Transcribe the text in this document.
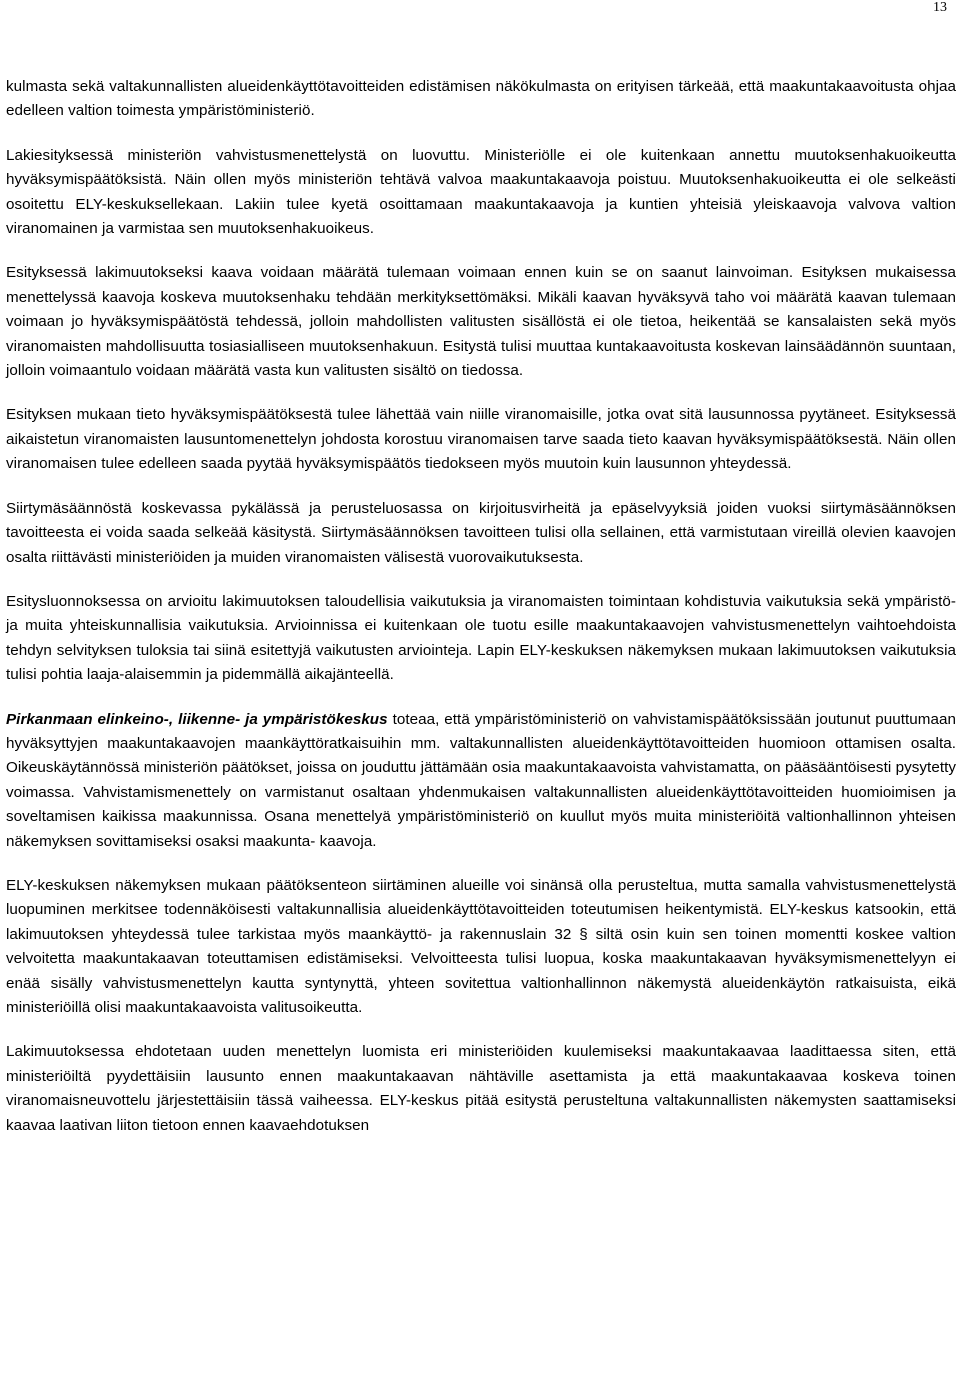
13

kulmasta sekä valtakunnallisten alueidenkäyttötavoitteiden edistämisen näkökulmasta on erityisen tärkeää, että maakuntakaavoitusta ohjaa edelleen valtion toimesta ympäristöministeriö.

Lakiesityksessä ministeriön vahvistusmenettelystä on luovuttu. Ministeriölle ei ole kuitenkaan annettu muutoksenhakuoikeutta hyväksymispäätöksistä. Näin ollen myös ministeriön tehtävä valvoa maakuntakaavoja poistuu. Muutoksenhakuoikeutta ei ole selkeästi osoitettu ELY-keskuksellekaan. Lakiin tulee kyetä osoittamaan maakuntakaavoja ja kuntien yhteisiä yleiskaavoja valvova valtion viranomainen ja varmistaa sen muutoksenhakuoikeus.

Esityksessä lakimuutokseksi kaava voidaan määrätä tulemaan voimaan ennen kuin se on saanut lainvoiman. Esityksen mukaisessa menettelyssä kaavoja koskeva muutoksenhaku tehdään merkityksettömäksi. Mikäli kaavan hyväksyvä taho voi määrätä kaavan tulemaan voimaan jo hyväksymispäätöstä tehdessä, jolloin mahdollisten valitusten sisällöstä ei ole tietoa, heikentää se kansalaisten sekä myös viranomaisten mahdollisuutta tosiasialliseen muutoksenhakuun. Esitystä tulisi muuttaa kuntakaavoitusta koskevan lainsäädännön suuntaan, jolloin voimaantulo voidaan määrätä vasta kun valitusten sisältö on tiedossa.

Esityksen mukaan tieto hyväksymispäätöksestä tulee lähettää vain niille viranomaisille, jotka ovat sitä lausunnossa pyytäneet. Esityksessä aikaistetun viranomaisten lausuntomenettelyn johdosta korostuu viranomaisen tarve saada tieto kaavan hyväksymispäätöksestä. Näin ollen viranomaisen tulee edelleen saada pyytää hyväksymispäätös tiedokseen myös muutoin kuin lausunnon yhteydessä.

Siirtymäsäännöstä koskevassa pykälässä ja perusteluosassa on kirjoitusvirheitä ja epäselvyyksiä joiden vuoksi siirtymäsäännöksen tavoitteesta ei voida saada selkeää käsitystä. Siirtymäsäännöksen tavoitteen tulisi olla sellainen, että varmistutaan vireillä olevien kaavojen osalta riittävästi ministeriöiden ja muiden viranomaisten välisestä vuorovaikutuksesta.

Esitysluonnoksessa on arvioitu lakimuutoksen taloudellisia vaikutuksia ja viranomaisten toimintaan kohdistuvia vaikutuksia sekä ympäristö- ja muita yhteiskunnallisia vaikutuksia. Arvioinnissa ei kuitenkaan ole tuotu esille maakuntakaavojen vahvistusmenettelyn vaihtoehdoista tehdyn selvityksen tuloksia tai siinä esitettyjä vaikutusten arviointeja. Lapin ELY-keskuksen näkemyksen mukaan lakimuutoksen vaikutuksia tulisi pohtia laaja-alaisemmin ja pidemmällä aikajänteellä.

Pirkanmaan elinkeino-, liikenne- ja ympäristökeskus toteaa, että ympäristöministeriö on vahvistamispäätöksissään joutunut puuttumaan hyväksyttyjen maakuntakaavojen maankäyttöratkaisuihin mm. valtakunnallisten alueidenkäyttötavoitteiden huomioon ottamisen osalta. Oikeuskäytännössä ministeriön päätökset, joissa on jouduttu jättämään osia maakuntakaavoista vahvistamatta, on pääsääntöisesti pysytetty voimassa. Vahvistamismenettely on varmistanut osaltaan yhdenmukaisen valtakunnallisten alueidenkäyttötavoitteiden huomioimisen ja soveltamisen kaikissa maakunnissa. Osana menettelyä ympäristöministeriö on kuullut myös muita ministeriöitä valtionhallinnon yhteisen näkemyksen sovittamiseksi osaksi maakunta- kaavoja.

ELY-keskuksen näkemyksen mukaan päätöksenteon siirtäminen alueille voi sinänsä olla perusteltua, mutta samalla vahvistusmenettelystä luopuminen merkitsee todennäköisesti valtakunnallisia alueidenkäyttötavoitteiden toteutumisen heikentymistä. ELY-keskus katsookin, että lakimuutoksen yhteydessä tulee tarkistaa myös maankäyttö- ja rakennuslain 32 § siltä osin kuin sen toinen momentti koskee valtion velvoitetta maakuntakaavan toteuttamisen edistämiseksi. Velvoitteesta tulisi luopua, koska maakuntakaavan hyväksymismenettelyyn ei enää sisälly vahvistusmenettelyn kautta syntynyttä, yhteen sovitettua valtionhallinnon näkemystä alueidenkäytön ratkaisuista, eikä ministeriöillä olisi maakuntakaavoista valitusoikeutta.

Lakimuutoksessa ehdotetaan uuden menettelyn luomista eri ministeriöiden kuulemiseksi maakuntakaavaa laadittaessa siten, että ministeriöiltä pyydettäisiin lausunto ennen maakuntakaavan nähtäville asettamista ja että maakuntakaavaa koskeva toinen viranomaisneuvottelu järjestettäisiin tässä vaiheessa. ELY-keskus pitää esitystä perusteltuna valtakunnallisten näkemysten saattamiseksi kaavaa laativan liiton tietoon ennen kaavaehdotuksen
